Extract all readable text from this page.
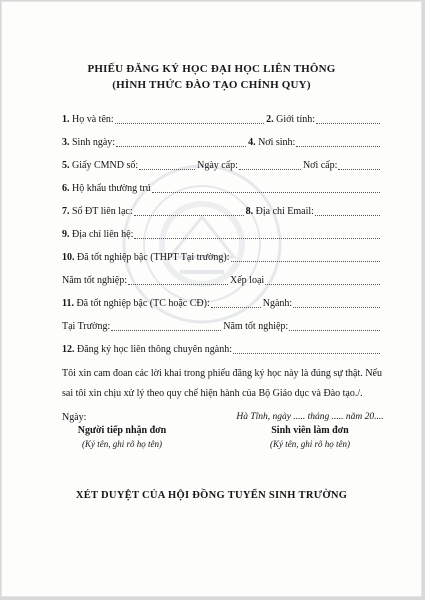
PHIẾU ĐĂNG KÝ HỌC ĐẠI HỌC LIÊN THÔNG
(HÌNH THỨC ĐÀO TẠO CHÍNH QUY)
1. Họ và tên:	2. Giới tính:
3. Sinh ngày:	4. Nơi sinh:
5. Giấy CMND số:	Ngày cấp:	Nơi cấp:
6. Hộ khẩu thường trú
7. Số ĐT liên lạc:	8. Địa chỉ Email:
9. Địa chỉ liên hệ:
10. Đã tốt nghiệp bậc (THPT Tại trường):
Năm tốt nghiệp:	Xếp loại
11. Đã tốt nghiệp bậc (TC hoặc CĐ):	Ngành:
Tại Trường:	Năm tốt nghiệp:
12. Đăng ký học liên thông chuyên ngành:
Tôi xin cam đoan các lời khai trong phiếu đăng ký học này là đúng sự thật. Nếu sai tôi xin chịu xử lý theo quy chế hiện hành của Bộ Giáo dục và Đào tạo./.
Ngày:
Người tiếp nhận đơn
(Ký tên, ghi rõ họ tên)
Hà Tĩnh, ngày ..... tháng ..... năm 20....
Sinh viên làm đơn
(Ký tên, ghi rõ họ tên)
XÉT DUYỆT CỦA HỘI ĐỒNG TUYỂN SINH TRƯỜNG
